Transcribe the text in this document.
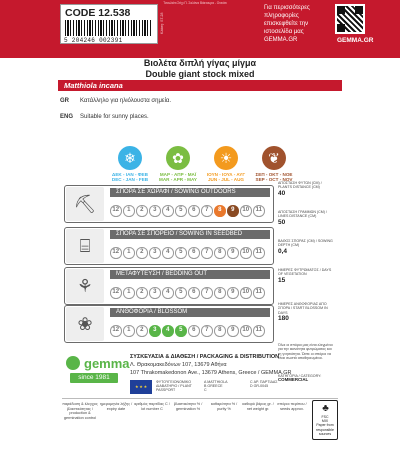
Τσουλιάτι Στίχι Π. Σαλάνα Βάκτουρα - Ονειάτι
CODE 12.538
5 204246 002391
Κλάση: ST-28
Για περισσότερες
πληροφορίες
επισκεφθείτε την
ιστοσελίδα μας
GEMMA.GR	GEMMA.GR
Βιολέτα διπλή γίγας μίγμα
Double giant stock mixed
Matthiola incana
GR Κατάλληλο για ηλιόλουστα σημεία.
ENG Suitable for sunny places.
❄
ΔΕΚ - ΙΑΝ - ΦΕΒ
DEC - JAN - FEB
✿
ΜΑΡ - ΑΠΡ - ΜΑΪ
MAR - APR - MAY
☀
ΙΟΥΝ - ΙΟΥΛ - ΑΥΓ
JUN - JUL - AUG
❦
ΣΕΠ - ΟΚΤ - ΝΟΕ
SEP - OCT - NOV
⛏
ΣΠΟΡΑ ΣΕ ΧΩΡΑΦΙ / SOWING OUTDOORS
12	1	2	3	4	5	6	7	8	9	10	11
⌸
ΣΠΟΡΑ ΣΕ ΣΠΟΡΕΙΟ / SOWING IN SEEDBED
12	1	2	3	4	5	6	7	8	9	10	11
⚘
ΜΕΤΑΦΥΤΕΥΣΗ / BEDDING OUT
12	1	2	3	4	5	6	7	8	9	10	11
❀
ΑΝΘΟΦΟΡΙΑ / BLOSSOM
12	1	2	3	4	5	6	7	8	9	10	11
ΑΠΟΣΤΑΣΗ ΦΥΤΩΝ (CM) / PLANTS DISTANCE (CM)
40
ΑΠΟΣΤΑΣΗ ΓΡΑΜΜΩΝ (CM) / LINES DISTANCE (CM)
50
ΒΑΘΟΣ ΣΠΟΡΑΣ (CM) / SOWING DEPTH (CM)
0,4
ΗΜΕΡΕΣ ΦΥΤΡΩΜΑΤΟΣ / DAYS OF VEGETATION
15
ΗΜΕΡΕΣ ΑΝΘΟΦΟΡΙΑΣ ΑΠΟ ΣΠΟΡΑ / START BLOSSOM IN DAYS
180
Όλοι οι σπόροι μας είναι ελεγμένοι για την ικανότητα φυτρώματος και τη γνησιότητα. Ώστε οι σπόροι να είναι σωστά αποθηκευμένοι.
ΚΑΤΗΓΟΡΙΑ / CATEGORY:
COMMERCIAL
gemma
since 1981
ΣΥΣΚΕΥΑΣΙΑ & ΔΙΑΘΕΣΗ / PACKAGING & DISTRIBUTION
Λ. Θρακομακεδόνων 107, 13679 Αθήνα
107 Thrakomakedonon Ave., 13679 Athens, Greece / GEMMA.GR
★ ★ ★
ΦΥΤΟΫΓΕΙΟΝΟΜΙΚΟ ΔΙΑΒΑΤΗΡΙΟ / PLANT PASSPORT
A MATTHIOLA
B GREECE
C
C ΑΡ. ΠΑΡΤΙΔΑΣ
D GR-0045
παράδοση & έλεγχος βλαστικότητας / production & germination control
ημερομηνία λήξης / expiry date
αριθμός παρτίδας C / lot number C
βλαστικότητα % / germination %
καθαρότητα % / purity %
καθαρό βάρος gr. / net weight gr.
σπόροι περίπου / seeds approx.	♣
FSC
MIX
Paper from
responsible sources
